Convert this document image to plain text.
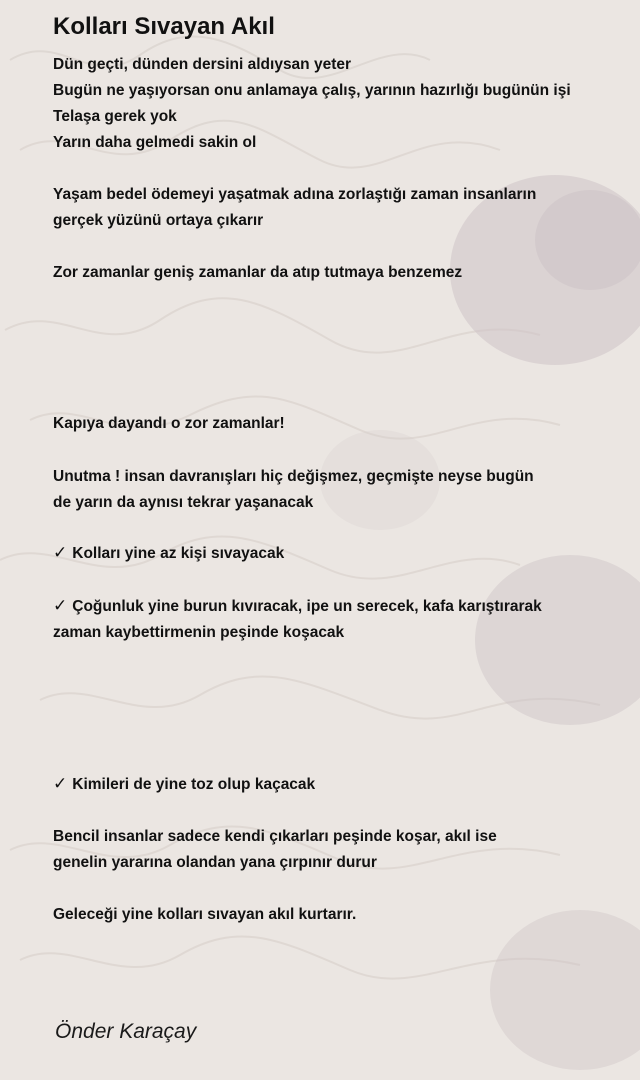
Kolları Sıvayan Akıl
Dün geçti, dünden dersini aldıysan yeter
Bugün ne yaşıyorsan onu anlamaya çalış, yarının hazırlığı bugünün işi
Telaşa gerek yok
Yarın daha gelmedi sakin ol
Yaşam bedel ödemeyi yaşatmak adına zorlaştığı zaman insanların
gerçek yüzünü ortaya çıkarır
Zor zamanlar geniş zamanlar da atıp tutmaya benzemez
Kapıya dayandı o zor zamanlar!
Unutma ! insan davranışları hiç değişmez, geçmişte neyse bugün
de yarın da aynısı tekrar yaşanacak
✓ Kolları yine az kişi sıvayacak
✓ Çoğunluk yine burun kıvıracak, ipe un serecek, kafa karıştırarak
zaman kaybettirmenin peşinde koşacak
✓ Kimileri de yine toz olup kaçacak
Bencil insanlar sadece kendi çıkarları peşinde koşar, akıl ise
genelin yararına olandan yana çırpınır durur
Geleceği yine kolları sıvayan akıl kurtarır.
Önder Karaçay
